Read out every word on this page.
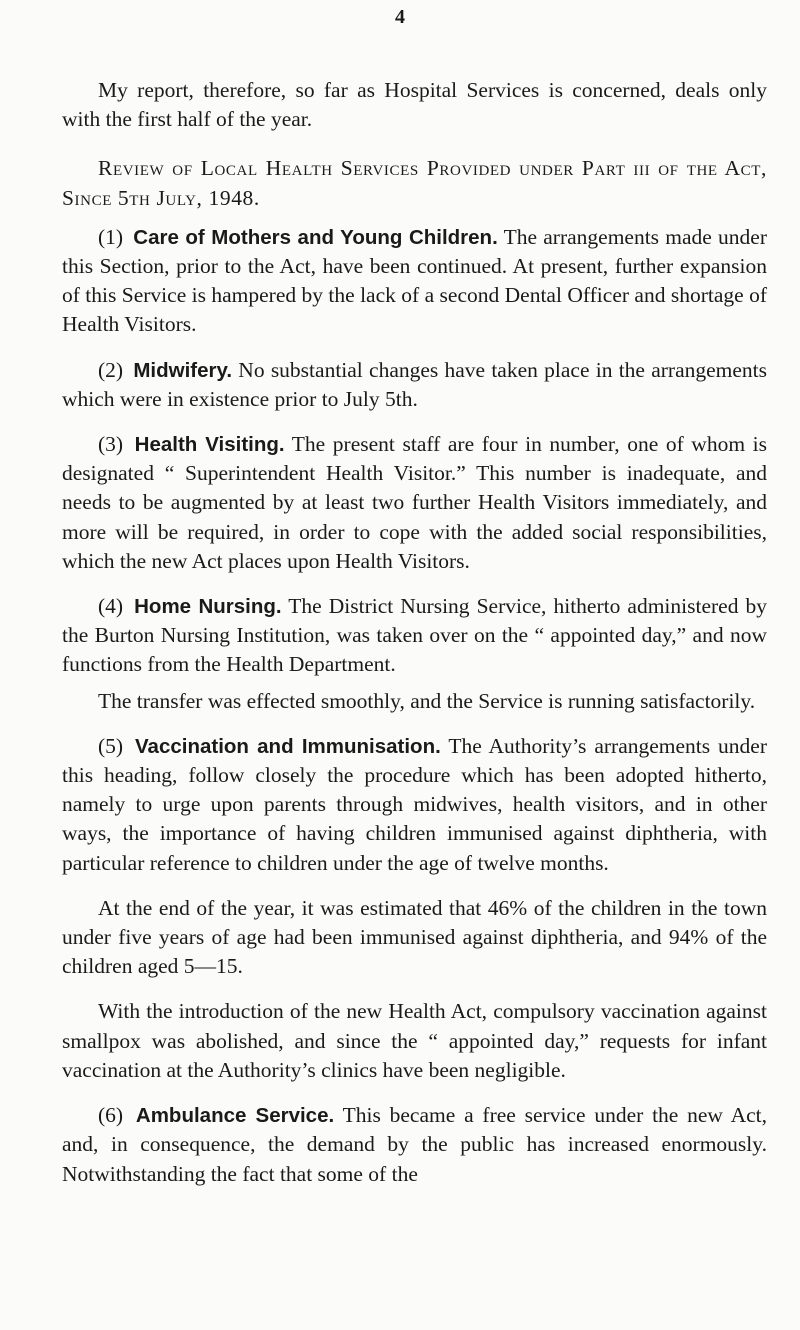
4

My report, therefore, so far as Hospital Services is concerned, deals only with the first half of the year.

Review of Local Health Services Provided under Part iii of the Act, Since 5th July, 1948.

(1) Care of Mothers and Young Children. The arrangements made under this Section, prior to the Act, have been continued. At present, further expansion of this Service is hampered by the lack of a second Dental Officer and shortage of Health Visitors.

(2) Midwifery. No substantial changes have taken place in the arrangements which were in existence prior to July 5th.

(3) Health Visiting. The present staff are four in number, one of whom is designated “ Superintendent Health Visitor.” This number is inadequate, and needs to be augmented by at least two further Health Visitors immediately, and more will be required, in order to cope with the added social responsibilities, which the new Act places upon Health Visitors.

(4) Home Nursing. The District Nursing Service, hitherto administered by the Burton Nursing Institution, was taken over on the “ appointed day,” and now functions from the Health Department.

The transfer was effected smoothly, and the Service is running satisfactorily.

(5) Vaccination and Immunisation. The Authority’s arrangements under this heading, follow closely the procedure which has been adopted hitherto, namely to urge upon parents through midwives, health visitors, and in other ways, the importance of having children immunised against diphtheria, with particular reference to children under the age of twelve months.

At the end of the year, it was estimated that 46% of the children in the town under five years of age had been immunised against diphtheria, and 94% of the children aged 5—15.

With the introduction of the new Health Act, compulsory vaccination against smallpox was abolished, and since the “ appointed day,” requests for infant vaccination at the Authority’s clinics have been negligible.

(6) Ambulance Service. This became a free service under the new Act, and, in consequence, the demand by the public has increased enormously. Notwithstanding the fact that some of the
